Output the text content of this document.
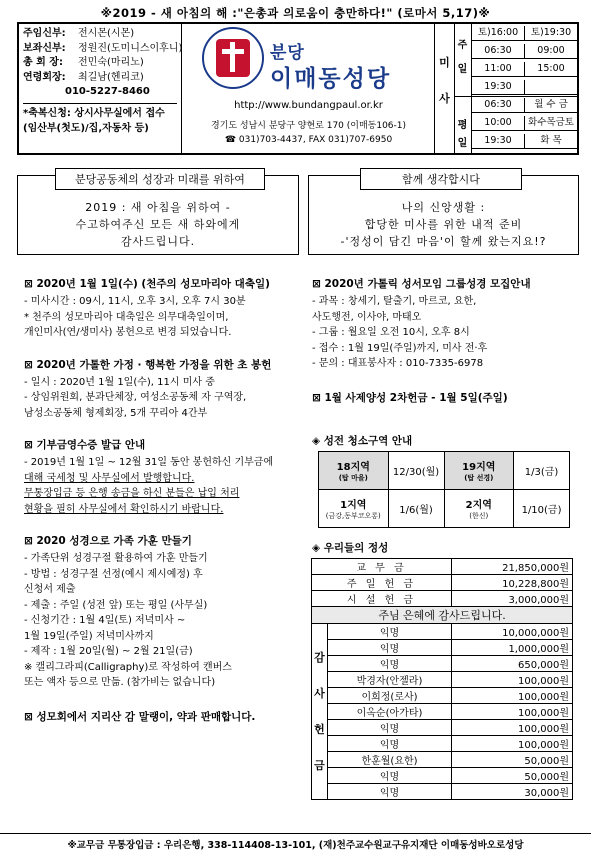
※2019 - 새 아침의 해 :"은총과 의로움이 충만하다!" (로마서 5,17)※
주임신부: 전시몬(시몬)
보좌신부: 정원진(도미니스이후니)
총 회 장: 전민숙(마리노)
연령회장: 최길남(헨리코)
010-5227-8460
*축복신청: 상시사무실에서 접수
(임산부(첫도)/집,자동차 등)
분당
이매동성당
http://www.bundangpaul.or.kr
경기도 성남시 분당구 양현로 170 (이매동106-1)
☎ 031)703-4437, FAX 031)707-6950
미
사
주
일
평
일
토)16:00	토)19:30
06:30	09:00
11:00	15:00
19:30
06:30	월 수 금
10:00	화수목금토
19:30	화 목
분당공동체의 성장과 미래를 위하여
2019 : 새 아침을 위하여 -
수고하여주신 모든 새 하와에게
감사드립니다.
함께 생각합시다
나의 신앙생활 :
합당한 미사를 위한 내적 준비
-'정성이 담긴 마음'이 할께 왔는지요!?
⊠ 2020년 1월 1일(수) (천주의 성모마리아 대축일)

- 미사시간 : 09시, 11시, 오후 3시, 오후 7시 30분

* 천주의 성모마리아 대축일은 의무대축일이며,

개인미사(연/생미사) 봉헌으로 변경 되었습니다.

⊠ 2020년 가톨한 가정 · 행복한 가정을 위한 초 봉헌

- 일시 : 2020년 1월 1일(수), 11시 미사 중

- 상임위원회, 분과단체장, 여성소공동체 자 구역장,

남성소공동체 형제회장, 5개 꾸리아 4간부

⊠ 기부금영수증 발급 안내

- 2019년 1월 1일 ~ 12월 31일 동안 봉헌하신 기부금에

대해 국세청 및 사무실에서 발행합니다.

무통장입금 등 은행 송금을 하신 분들은 납입 처리

현황을 필히 사무실에서 확인하시기 바랍니다.

⊠ 2020 성경으로 가족 가훈 만들기

- 가족단위 성경구절 활용하여 가훈 만들기

- 방법 : 성경구절 선정(예시 제시예정) 후

신청서 제출

- 제출 : 주일 (성전 앞) 또는 평일 (사무실)

- 신청기간 : 1월 4일(토) 저녁미사 ~

1월 19일(주일) 저녁미사까지

- 제작 : 1월 20일(월) ~ 2월 21일(금)

※ 캘리그라피(Calligraphy)로 작성하여 캔버스

또는 액자 등으로 만듦. (참가비는 없습니다)

⊠ 성모회에서 지리산 감 말랭이, 약과 판매합니다.
⊠ 2020년 가톨릭 성서모임 그룹성경 모집안내

- 과목 : 창세기, 탈출기, 마르코, 요한,

사도행전, 이사야, 마태오

- 그룹 : 월요일 오전 10시, 오후 8시

- 접수 : 1월 19일(주일)까지, 미사 전·후

- 문의 : 대표봉사자 : 010-7335-6978

⊠ 1월 사제양성 2차헌금 - 1월 5일(주일)
◈ 성전 청소구역 안내
18지역
(탑 마을)	12/30(월)	19지역
(탑 선경)	1/3(금)

1지역
(금강,동부코오롱)	1/6(월)	2지역
(한신)	1/10(금)
◈ 우리들의 정성
교 무 금		21,850,000원
주 일 헌 금		10,228,800원
시 설 헌 금		3,000,000원
주님 은혜에 감사드립니다.		

감
사
헌
금	익명	10,000,000원
	익명	1,000,000원
	익명	650,000원
	박경자(안젤라)	100,000원
	이희정(로사)	100,000원
	이옥순(아가타)	100,000원
	익명	100,000원
	익명	100,000원
	한훈월(요한)	50,000원
	익명	50,000원
	익명	30,000원
※교무금 무통장입금 : 우리은행, 338-114408-13-101, (재)천주교수원교구유지재단 이매동성바오로성당
